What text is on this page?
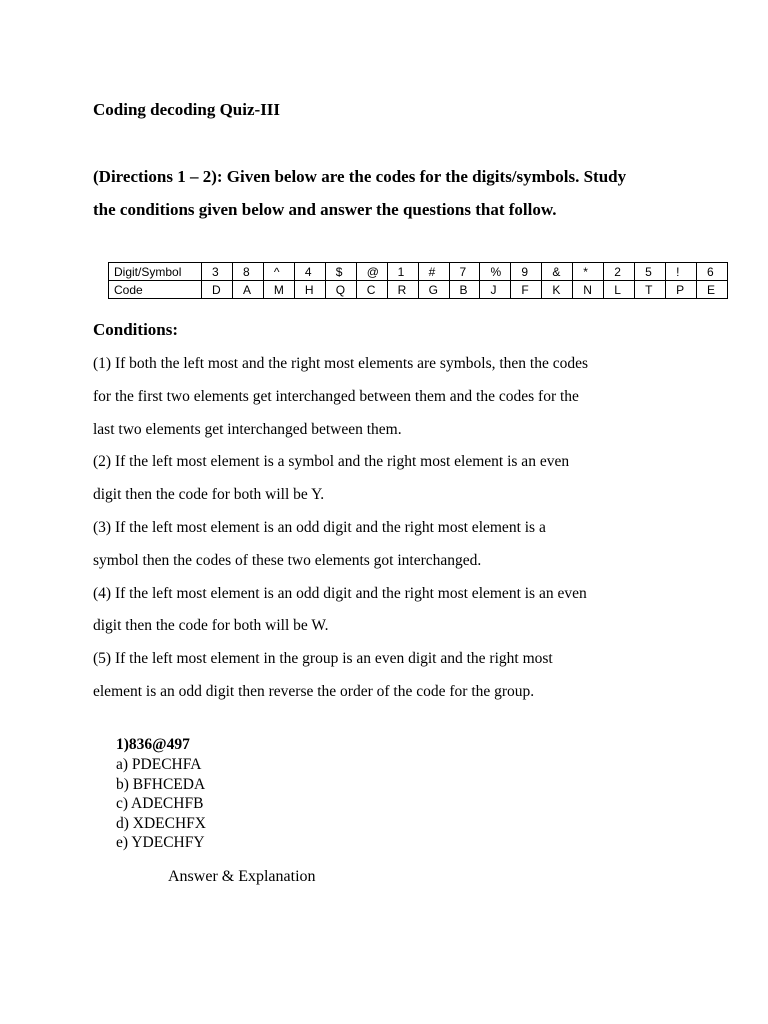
Coding decoding Quiz-III
(Directions 1 – 2): Given below are the codes for the digits/symbols. Study
the conditions given below and answer the questions that follow.
Digit/Symbol	3	8	^	4	$	@	1	#	7	%	9	&	*	2	5	!	6
Code	D	A	M	H	Q	C	R	G	B	J	F	K	N	L	T	P	E
Conditions:
(1) If both the left most and the right most elements are symbols, then the codes
for the first two elements get interchanged between them and the codes for the
last two elements get interchanged between them.
(2) If the left most element is a symbol and the right most element is an even
digit then the code for both will be Y.
(3) If the left most element is an odd digit and the right most element is a
symbol then the codes of these two elements got interchanged.
(4) If the left most element is an odd digit and the right most element is an even
digit then the code for both will be W.
(5) If the left most element in the group is an even digit and the right most
element is an odd digit then reverse the order of the code for the group.
1)836@497
a) PDECHFA
b) BFHCEDA
c) ADECHFB
d) XDECHFX
e) YDECHFY
Answer & Explanation
